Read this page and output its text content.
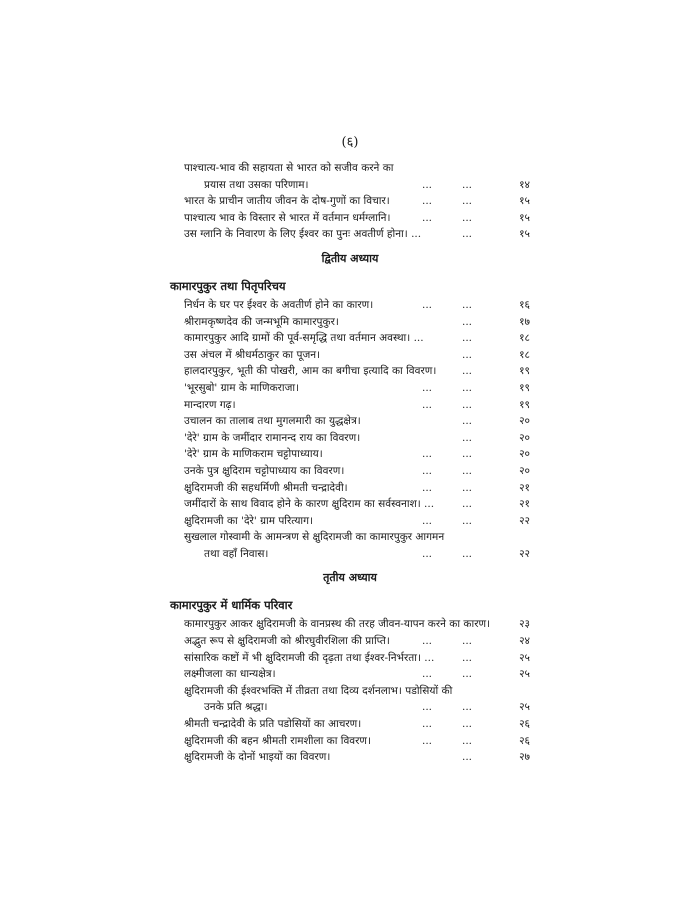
(६)
पाश्चात्य-भाव की सहायता से भारत को सजीव करने का
प्रयास तथा उसका परिणाम।	...	...	१४
भारत के प्राचीन जातीय जीवन के दोष-गुणों का विचार।	...	...	१५
पाश्चात्य भाव के विस्तार से भारत में वर्तमान धर्मग्लानि।	...	...	१५
उस ग्लानि के निवारण के लिए ईश्वर का पुनः अवतीर्ण होना। ...	...	१५
द्वितीय अध्याय
कामारपुकुर तथा पितृपरिचय
निर्धन के घर पर ईश्वर के अवतीर्ण होने का कारण।	...	...	१६
श्रीरामकृष्णदेव की जन्मभूमि कामारपुकुर।	...	१७
कामारपुकुर आदि ग्रामों की पूर्व-समृद्धि तथा वर्तमान अवस्था। ...	...	१८
उस अंचल में श्रीधर्मठाकुर का पूजन।	...	१८
हालदारपुकुर, भूती की पोखरी, आम का बगीचा इत्यादि का विवरण। ...	१९
'भूरसुबो' ग्राम के माणिकराजा।	...	...	१९
मान्दारण गढ़।	...	...	१९
उचालन का तालाब तथा मुगलमारी का युद्धक्षेत्र।	...	२०
'देरे' ग्राम के जमींदार रामानन्द राय का विवरण।	...	२०
'देरे' ग्राम के माणिकराम चट्टोपाध्याय।	...	...	२०
उनके पुत्र क्षुदिराम चट्टोपाध्याय का विवरण।	...	...	२०
क्षुदिरामजी की सहधर्मिणी श्रीमती चन्द्रादेवी।	...	...	२१
जमींदारों के साथ विवाद होने के कारण क्षुदिराम का सर्वस्वनाश। ...	...	२१
क्षुदिरामजी का 'देरे' ग्राम परित्याग।	...	...	२२
सुखलाल गोस्वामी के आमन्त्रण से क्षुदिरामजी का कामारपुकुर आगमन
तथा वहाँ निवास।	...	...	२२
तृतीय अध्याय
कामारपुकुर में धार्मिक परिवार
कामारपुकुर आकर क्षुदिरामजी के वानप्रस्थ की तरह जीवन-यापन करने का कारण।	२३
अद्भुत रूप से क्षुदिरामजी को श्रीरघुवीरशिला की प्राप्ति।	...	...	२४
सांसारिक कष्टों में भी क्षुदिरामजी की दृढ़ता तथा ईश्वर-निर्भरता। ...	...	२५
लक्ष्मीजला का धान्यक्षेत्र।	...	...	२५
क्षुदिरामजी की ईश्वरभक्ति में तीव्रता तथा दिव्य दर्शनलाभ। पडोसियों की
उनके प्रति श्रद्धा।	...	...	२५
श्रीमती चन्द्रादेवी के प्रति पडोसियों का आचरण।	...	...	२६
क्षुदिरामजी की बहन श्रीमती रामशीला का विवरण।	...	...	२६
क्षुदिरामजी के दोनों भाइयों का विवरण।	...	२७
